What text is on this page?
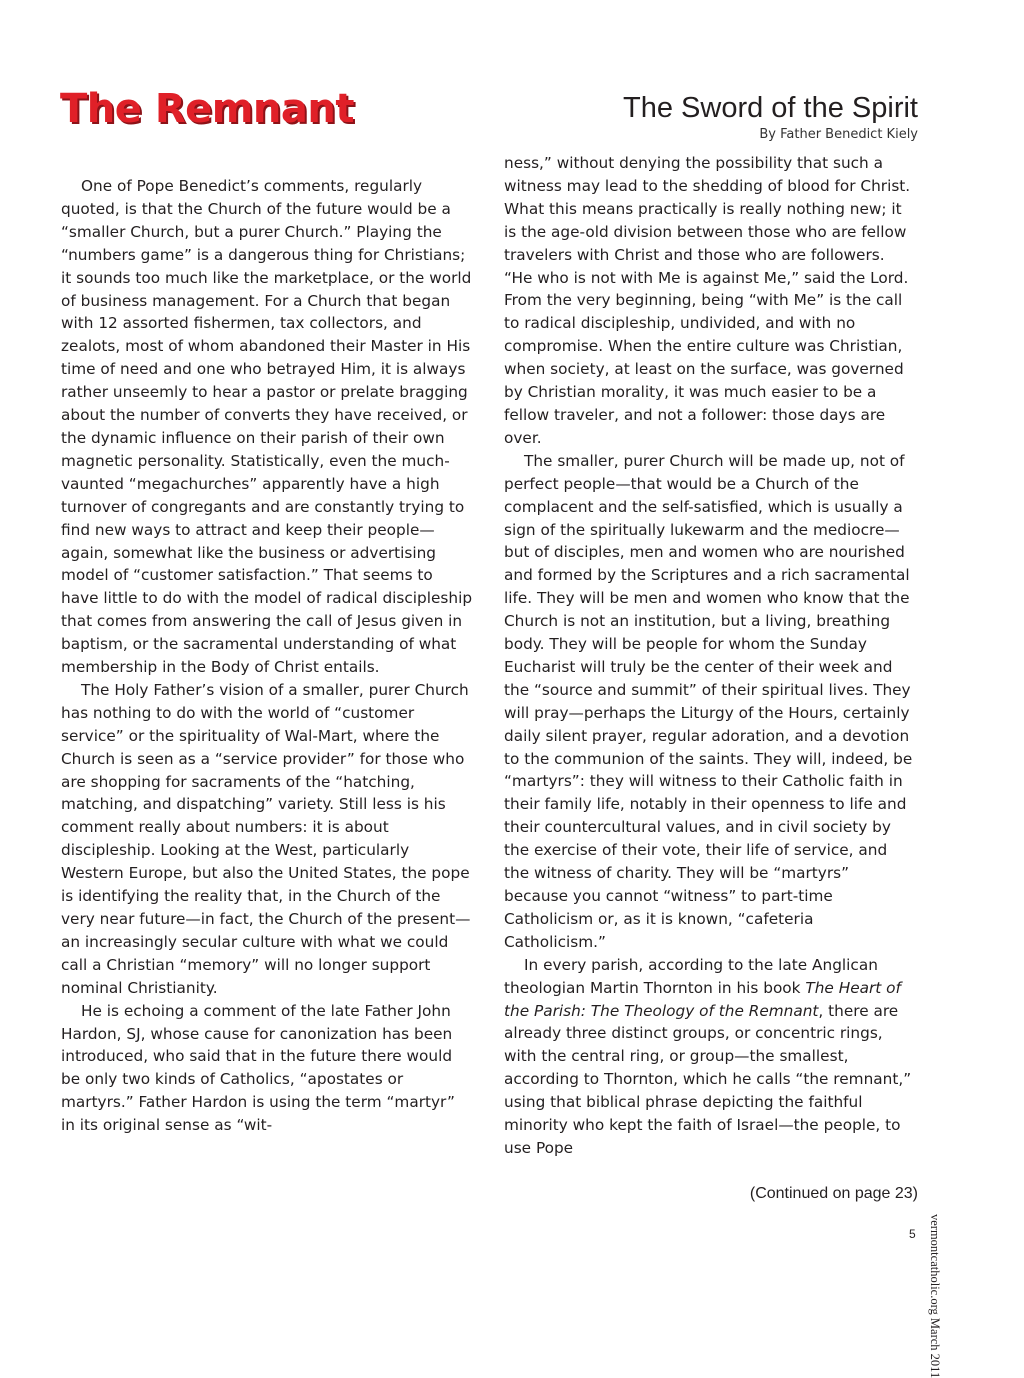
The Remnant	The Sword of the Spirit
By Father Benedict Kiely

One of Pope Benedict’s comments, regularly quoted, is that the Church of the future would be a “smaller Church, but a purer Church.” Playing the “numbers game” is a dangerous thing for Christians; it sounds too much like the marketplace, or the world of business management. For a Church that began with 12 assorted fishermen, tax collectors, and zealots, most of whom abandoned their Master in His time of need and one who betrayed Him, it is always rather unseemly to hear a pastor or prelate bragging about the number of converts they have received, or the dynamic influence on their parish of their own magnetic personality. Statistically, even the much-vaunted “megachurches” apparently have a high turnover of congregants and are constantly trying to find new ways to attract and keep their people—again, somewhat like the business or advertising model of “customer satisfaction.” That seems to have little to do with the model of radical discipleship that comes from answering the call of Jesus given in baptism, or the sacramental understanding of what membership in the Body of Christ entails.

The Holy Father’s vision of a smaller, purer Church has nothing to do with the world of “customer service” or the spirituality of Wal-Mart, where the Church is seen as a “service provider” for those who are shopping for sacraments of the “hatching, matching, and dispatching” variety. Still less is his comment really about numbers: it is about discipleship. Looking at the West, particularly Western Europe, but also the United States, the pope is identifying the reality that, in the Church of the very near future—in fact, the Church of the present—an increasingly secular culture with what we could call a Christian “memory” will no longer support nominal Christianity.

He is echoing a comment of the late Father John Hardon, SJ, whose cause for canonization has been introduced, who said that in the future there would be only two kinds of Catholics, “apostates or martyrs.” Father Hardon is using the term “martyr” in its original sense as “wit-

ness,” without denying the possibility that such a witness may lead to the shedding of blood for Christ. What this means practically is really nothing new; it is the age-old division between those who are fellow travelers with Christ and those who are followers. “He who is not with Me is against Me,” said the Lord. From the very beginning, being “with Me” is the call to radical discipleship, undivided, and with no compromise. When the entire culture was Christian, when society, at least on the surface, was governed by Christian morality, it was much easier to be a fellow traveler, and not a follower: those days are over.

The smaller, purer Church will be made up, not of perfect people—that would be a Church of the complacent and the self-satisfied, which is usually a sign of the spiritually lukewarm and the mediocre—but of disciples, men and women who are nourished and formed by the Scriptures and a rich sacramental life. They will be men and women who know that the Church is not an institution, but a living, breathing body. They will be people for whom the Sunday Eucharist will truly be the center of their week and the “source and summit” of their spiritual lives. They will pray—perhaps the Liturgy of the Hours, certainly daily silent prayer, regular adoration, and a devotion to the communion of the saints. They will, indeed, be “martyrs”: they will witness to their Catholic faith in their family life, notably in their openness to life and their countercultural values, and in civil society by the exercise of their vote, their life of service, and the witness of charity. They will be “martyrs” because you cannot “witness” to part-time Catholicism or, as it is known, “cafeteria Catholicism.”

In every parish, according to the late Anglican theologian Martin Thornton in his book The Heart of the Parish: The Theology of the Remnant, there are already three distinct groups, or concentric rings, with the central ring, or group—the smallest, according to Thornton, which he calls “the remnant,” using that biblical phrase depicting the faithful minority who kept the faith of Israel—the people, to use Pope

(Continued on page 23)
vermontcatholic.org March 2011
5
